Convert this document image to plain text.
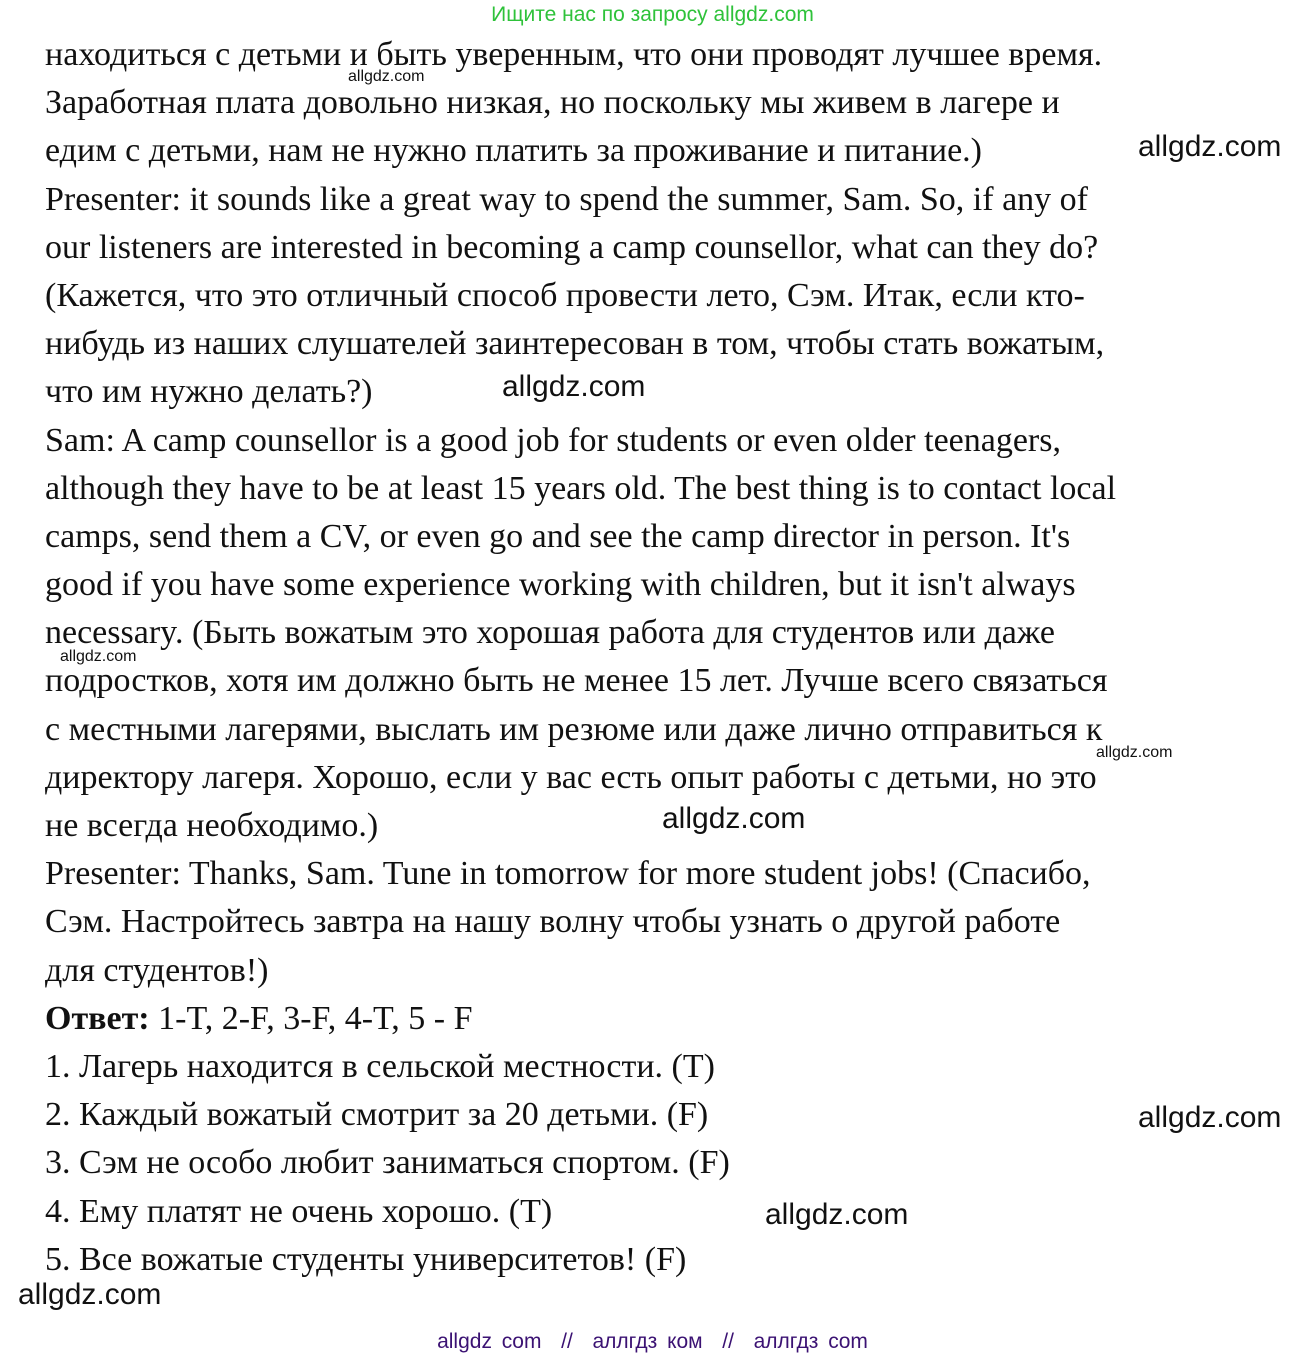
Ищите нас по запросу allgdz.com
находиться с детьми и быть уверенным, что они проводят лучшее время.
Заработная плата довольно низкая, но поскольку мы живем в лагере и
едим с детьми, нам не нужно платить за проживание и питание.)
Presenter: it sounds like a great way to spend the summer, Sam. So, if any of
our listeners are interested in becoming a camp counsellor, what can they do?
(Кажется, что это отличный способ провести лето, Сэм. Итак, если кто-
нибудь из наших слушателей заинтересован в том, чтобы стать вожатым,
что им нужно делать?)
Sam: A camp counsellor is a good job for students or even older teenagers,
although they have to be at least 15 years old. The best thing is to contact local
camps, send them a CV, or even go and see the camp director in person. It's
good if you have some experience working with children, but it isn't always
necessary. (Быть вожатым это хорошая работа для студентов или даже
подростков, хотя им должно быть не менее 15 лет. Лучше всего связаться
с местными лагерями, выслать им резюме или даже лично отправиться к
директору лагеря. Хорошо, если у вас есть опыт работы с детьми, но это
не всегда необходимо.)
Presenter: Thanks, Sam. Tune in tomorrow for more student jobs! (Спасибо,
Сэм. Настройтесь завтра на нашу волну чтобы узнать о другой работе
для студентов!)
Ответ: 1-T, 2-F, 3-F, 4-T, 5 - F
1. Лагерь находится в сельской местности. (T)
2. Каждый вожатый смотрит за 20 детьми. (F)
3. Сэм не особо любит заниматься спортом. (F)
4. Ему платят не очень хорошо. (T)
5. Все вожатые студенты университетов! (F)
allgdz.com
allgdz.com
allgdz.com
allgdz.com
allgdz.com
allgdz.com
allgdz.com
allgdz.com
allgdz.com
allgdz com  //  аллгдз ком  //  аллгдз com
